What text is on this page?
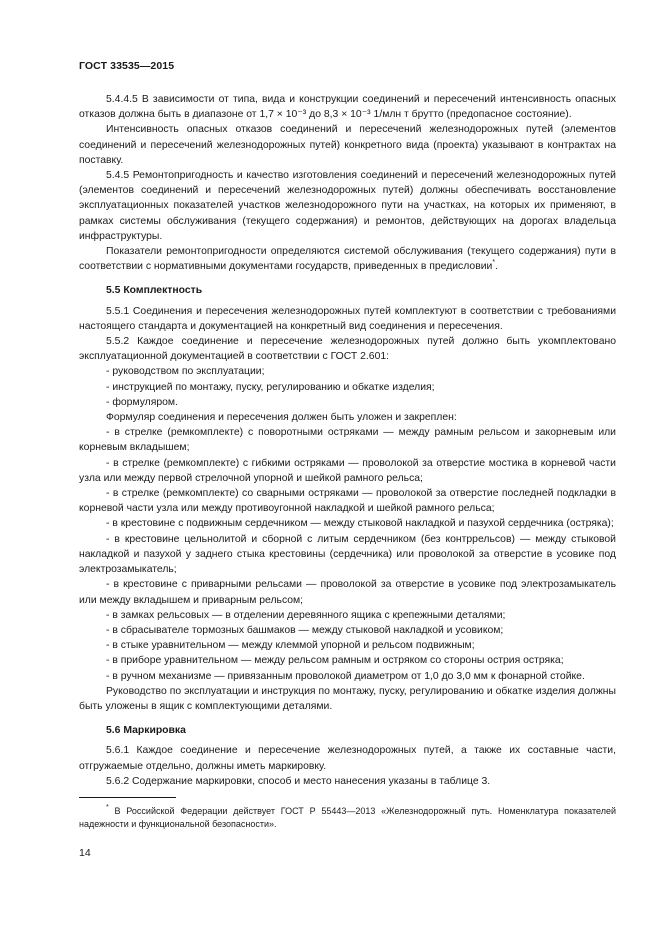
ГОСТ 33535—2015

5.4.4.5 В зависимости от типа, вида и конструкции соединений и пересечений интенсивность опасных отказов должна быть в диапазоне от 1,7 × 10⁻³ до 8,3 × 10⁻³ 1/млн т брутто (предопасное состояние).

Интенсивность опасных отказов соединений и пересечений железнодорожных путей (элементов соединений и пересечений железнодорожных путей) конкретного вида (проекта) указывают в контрактах на поставку.

5.4.5 Ремонтопригодность и качество изготовления соединений и пересечений железнодорожных путей (элементов соединений и пересечений железнодорожных путей) должны обеспечивать восстановление эксплуатационных показателей участков железнодорожного пути на участках, на которых их применяют, в рамках системы обслуживания (текущего содержания) и ремонтов, действующих на дорогах владельца инфраструктуры.

Показатели ремонтопригодности определяются системой обслуживания (текущего содержания) пути в соответствии с нормативными документами государств, приведенных в предисловии*.

5.5 Комплектность

5.5.1 Соединения и пересечения железнодорожных путей комплектуют в соответствии с требованиями настоящего стандарта и документацией на конкретный вид соединения и пересечения.

5.5.2 Каждое соединение и пересечение железнодорожных путей должно быть укомплектовано эксплуатационной документацией в соответствии с ГОСТ 2.601:

- руководством по эксплуатации;

- инструкцией по монтажу, пуску, регулированию и обкатке изделия;

- формуляром.

Формуляр соединения и пересечения должен быть уложен и закреплен:

- в стрелке (ремкомплекте) с поворотными остряками — между рамным рельсом и закорневым или корневым вкладышем;

- в стрелке (ремкомплекте) с гибкими остряками — проволокой за отверстие мостика в корневой части узла или между первой стрелочной упорной и шейкой рамного рельса;

- в стрелке (ремкомплекте) со сварными остряками — проволокой за отверстие последней подкладки в корневой части узла или между противоугонной накладкой и шейкой рамного рельса;

- в крестовине с подвижным сердечником — между стыковой накладкой и пазухой сердечника (остряка);

- в крестовине цельнолитой и сборной с литым сердечником (без контррельсов) — между стыковой накладкой и пазухой у заднего стыка крестовины (сердечника) или проволокой за отверстие в усовике под электрозамыкатель;

- в крестовине с приварными рельсами — проволокой за отверстие в усовике под электрозамыкатель или между вкладышем и приварным рельсом;

- в замках рельсовых — в отделении деревянного ящика с крепежными деталями;

- в сбрасывателе тормозных башмаков — между стыковой накладкой и усовиком;

- в стыке уравнительном — между клеммой упорной и рельсом подвижным;

- в приборе уравнительном — между рельсом рамным и остряком со стороны острия остряка;

- в ручном механизме — привязанным проволокой диаметром от 1,0 до 3,0 мм к фонарной стойке.

Руководство по эксплуатации и инструкция по монтажу, пуску, регулированию и обкатке изделия должны быть уложены в ящик с комплектующими деталями.

5.6 Маркировка

5.6.1 Каждое соединение и пересечение железнодорожных путей, а также их составные части, отгружаемые отдельно, должны иметь маркировку.

5.6.2 Содержание маркировки, способ и место нанесения указаны в таблице 3.

* В Российской Федерации действует ГОСТ Р 55443—2013 «Железнодорожный путь. Номенклатура показателей надежности и функциональной безопасности».
14
